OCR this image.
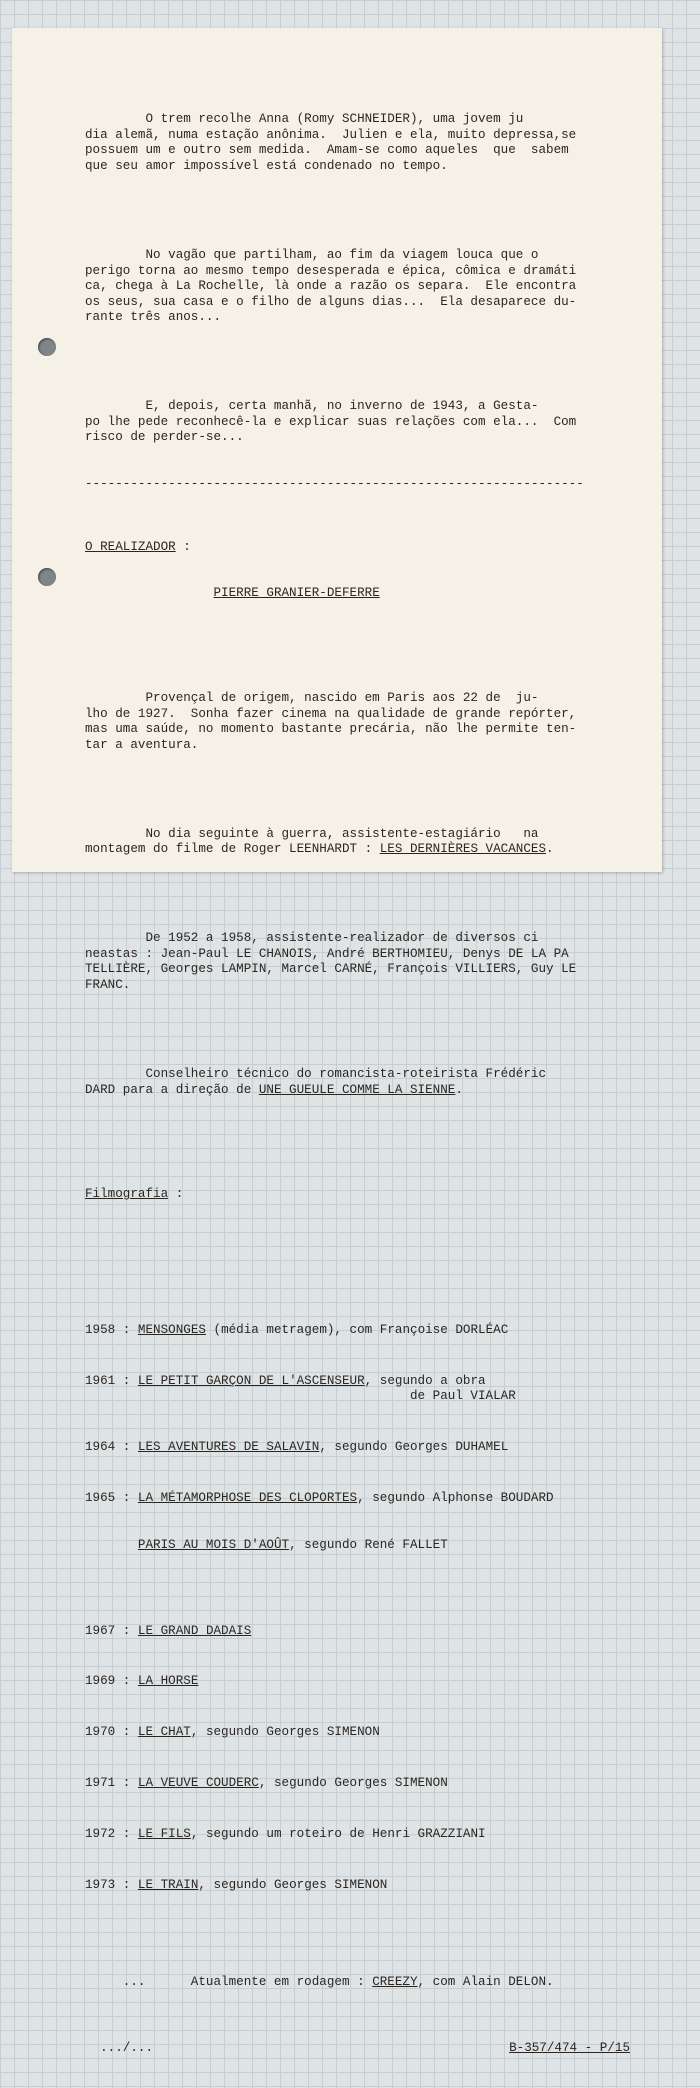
O trem recolhe Anna (Romy SCHNEIDER), uma jovem ju
dia alemã, numa estação anônima.  Julien e ela, muito depressa,se
possuem um e outro sem medida.  Amam-se como aqueles  que  sabem
que seu amor impossível está condenado no tempo.

No vagão que partilham, ao fim da viagem louca que o
perigo torna ao mesmo tempo desesperada e épica, cômica e dramáti
ca, chega à La Rochelle, là onde a razão os separa.  Ele encontra
os seus, sua casa e o filho de alguns dias...  Ela desaparece du-
rante três anos...

E, depois, certa manhã, no inverno de 1943, a Gesta-
po lhe pede reconhecê-la e explicar suas relações com ela...  Com
risco de perder-se...

------------------------------------------------------------------

O REALIZADOR :

PIERRE GRANIER-DEFERRE

Provençal de origem, nascido em Paris aos 22 de  ju-
lho de 1927.  Sonha fazer cinema na qualidade de grande repórter,
mas uma saúde, no momento bastante precária, não lhe permite ten-
tar a aventura.

No dia seguinte à guerra, assistente-estagiário   na
montagem do filme de Roger LEENHARDT : LES DERNIÈRES VACANCES.

De 1952 a 1958, assistente-realizador de diversos ci
neastas : Jean-Paul LE CHANOIS, André BERTHOMIEU, Denys DE LA PA
TELLIÈRE, Georges LAMPIN, Marcel CARNÉ, François VILLIERS, Guy LE
FRANC.

Conselheiro técnico do romancista-roteirista Frédéric
DARD para a direção de UNE GUEULE COMME LA SIENNE.

Filmografia :

1958 : MENSONGES (média metragem), com Françoise DORLÉAC

1961 : LE PETIT GARÇON DE L'ASCENSEUR, segundo a obra
de Paul VIALAR

1964 : LES AVENTURES DE SALAVIN, segundo Georges DUHAMEL

1965 : LA MÉTAMORPHOSE DES CLOPORTES, segundo Alphonse BOUDARD

PARIS AU MOIS D'AOÛT, segundo René FALLET

1967 : LE GRAND DADAIS

1969 : LA HORSE

1970 : LE CHAT, segundo Georges SIMENON

1971 : LA VEUVE COUDERC, segundo Georges SIMENON

1972 : LE FILS, segundo um roteiro de Henri GRAZZIANI

1973 : LE TRAIN, segundo Georges SIMENON

...      Atualmente em rodagem : CREEZY, com Alain DELON.

.../...	B-357/474 - P/15
